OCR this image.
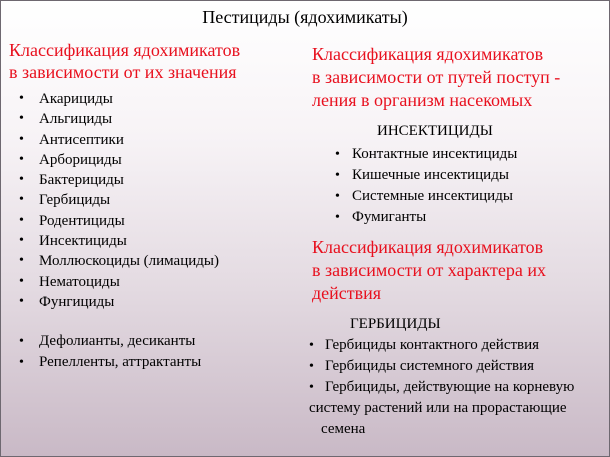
Пестициды (ядохимикаты)
Классификация ядохимикатов
в зависимости от их значения
• Акарициды
• Альгициды
• Антисептики
• Арборициды
• Бактерициды
• Гербициды
• Родентициды
• Инсектициды
• Моллюскоциды (лимациды)
• Нематоциды
• Фунгициды
• Дефолианты, десиканты
• Репелленты, аттрактанты
Классификация ядохимикатов
в зависимости от путей поступ -
ления в организм насекомых
ИНСЕКТИЦИДЫ
• Контактные инсектициды
• Кишечные инсектициды
• Системные инсектициды
• Фумиганты
Классификация ядохимикатов
в зависимости от характера их
действия
ГЕРБИЦИДЫ
• Гербициды контактного действия
• Гербициды системного действия
• Гербициды, действующие на корневую
систему растений или на прорастающие
семена
